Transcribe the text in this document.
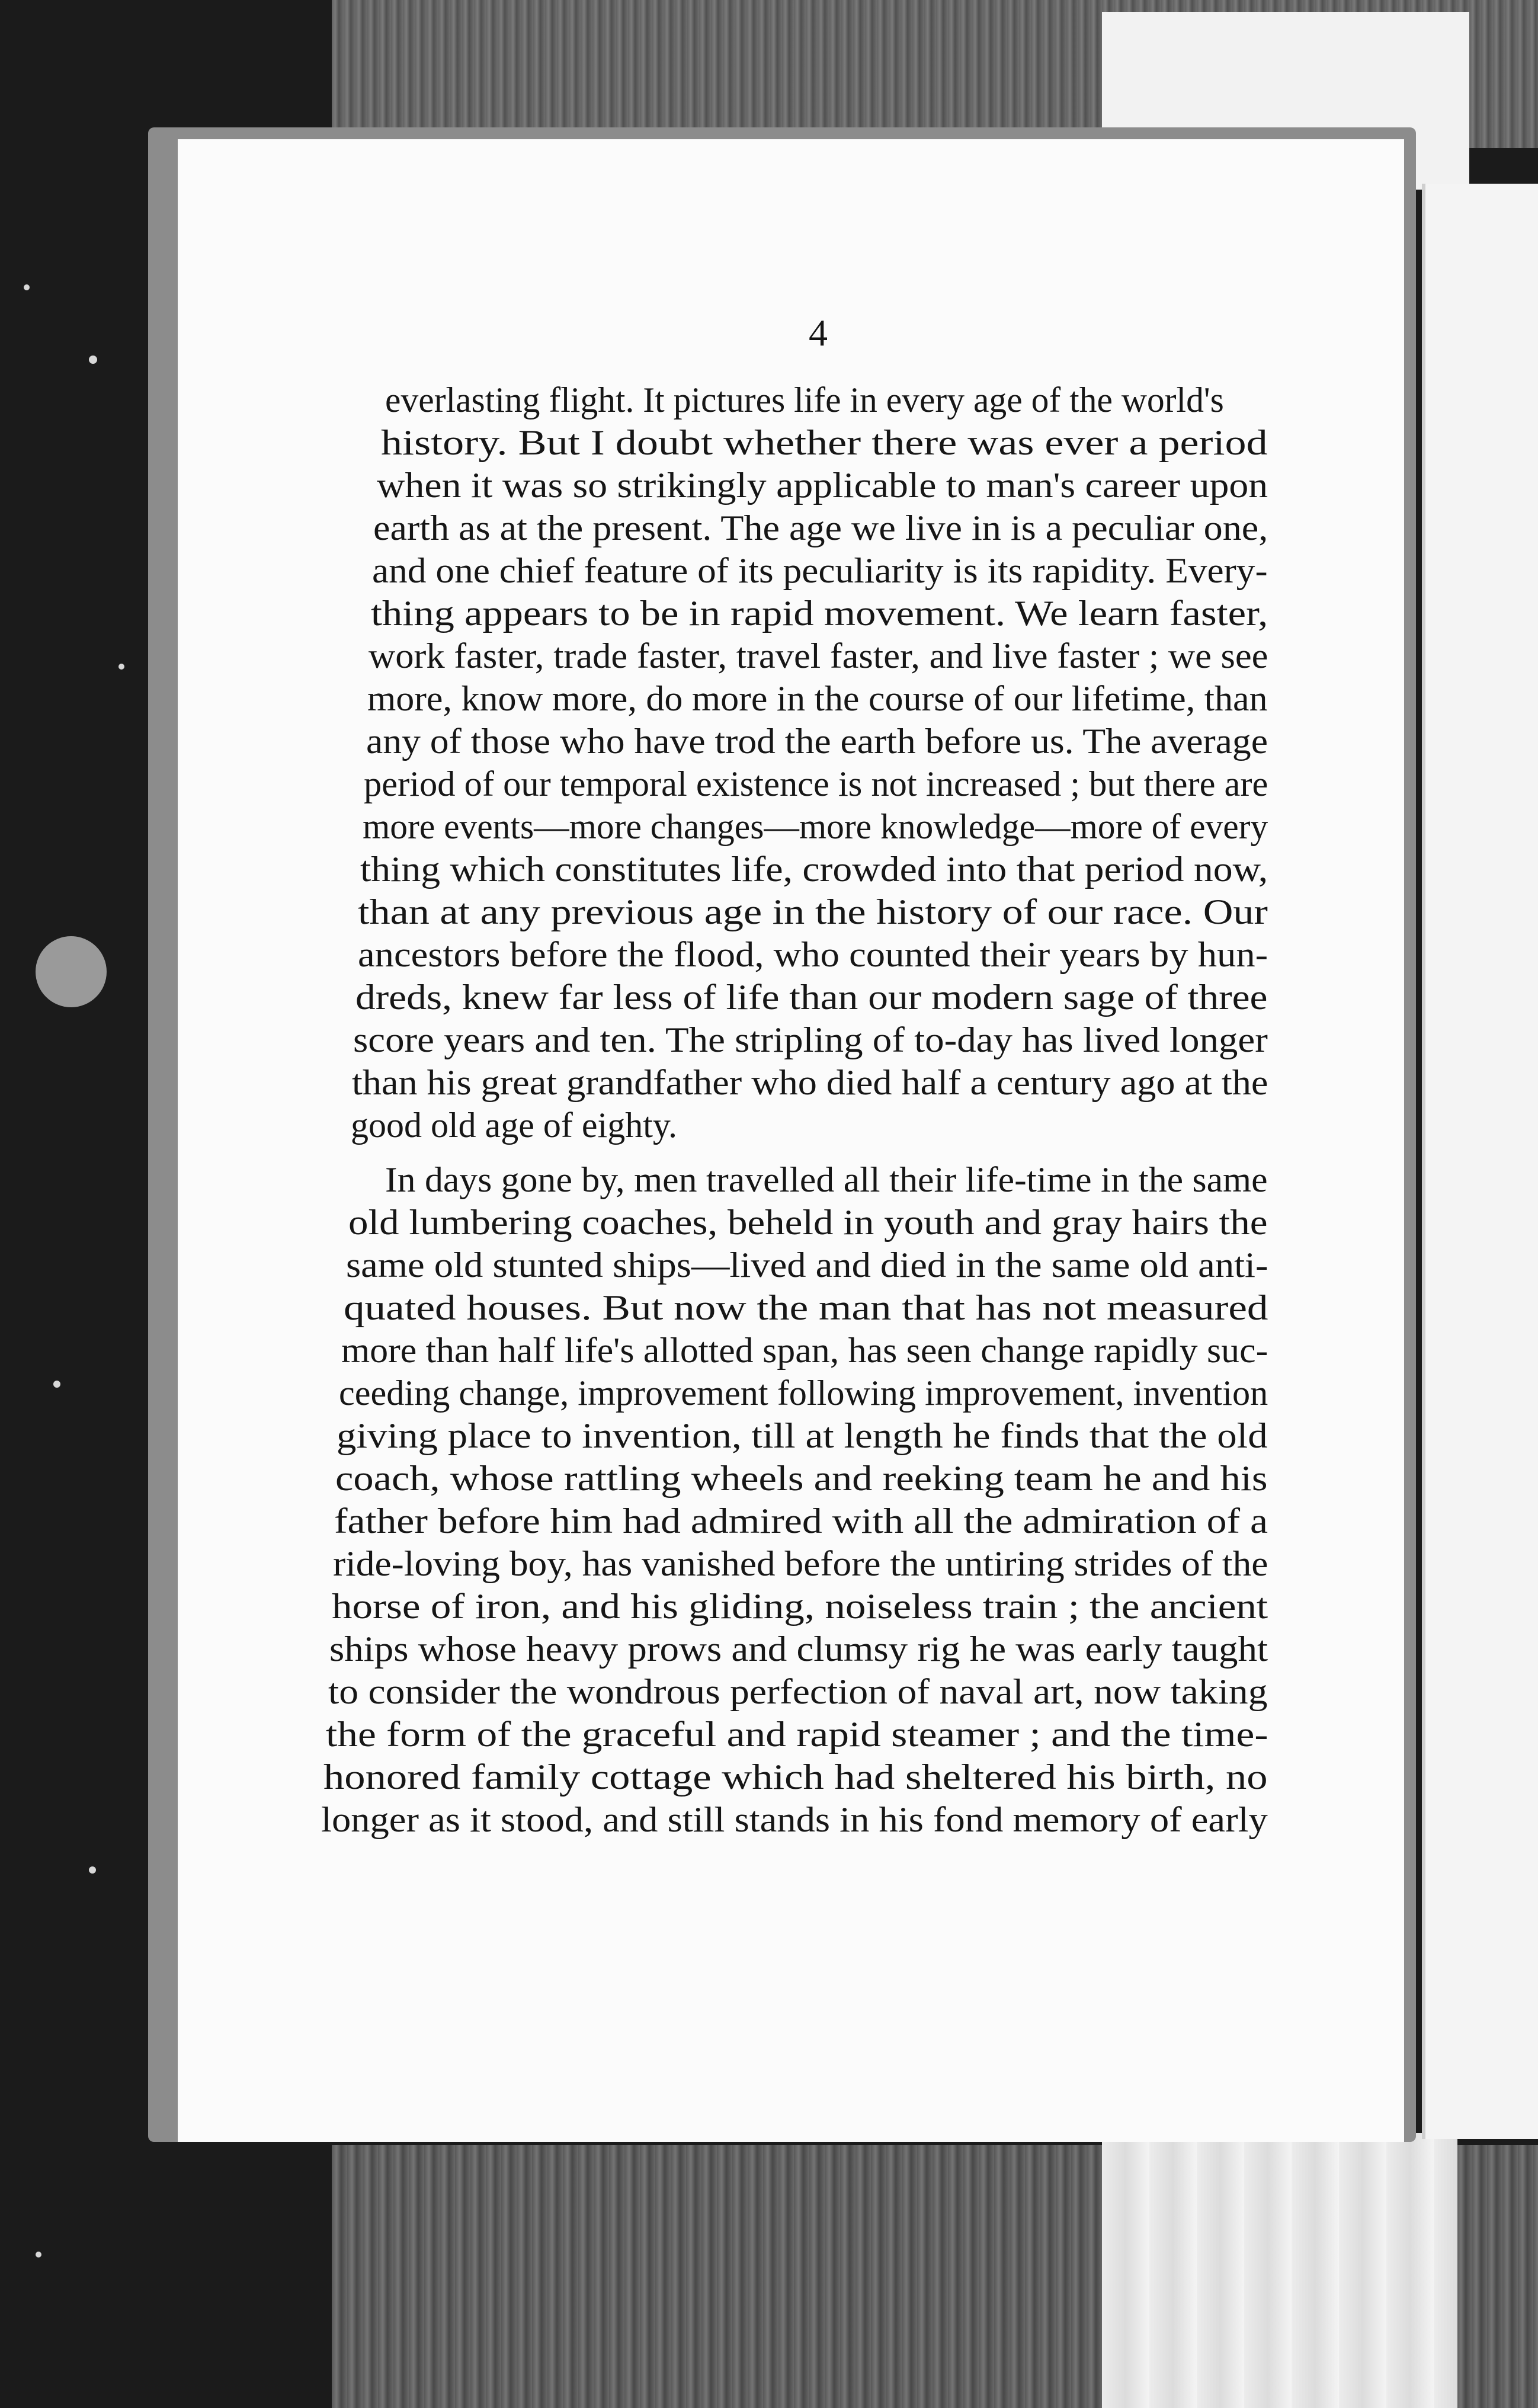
4
everlasting flight. It pictures life in every age of the world's
history. But I doubt whether there was ever a period
when it was so strikingly applicable to man's career upon
earth as at the present. The age we live in is a peculiar one,
and one chief feature of its peculiarity is its rapidity. Every-
thing appears to be in rapid movement. We learn faster,
work faster, trade faster, travel faster, and live faster ; we see
more, know more, do more in the course of our lifetime, than
any of those who have trod the earth before us. The average
period of our temporal existence is not increased ; but there are
more events—more changes—more knowledge—more of every
thing which constitutes life, crowded into that period now,
than at any previous age in the history of our race. Our
ancestors before the flood, who counted their years by hun-
dreds, knew far less of life than our modern sage of three
score years and ten. The stripling of to-day has lived longer
than his great grandfather who died half a century ago at the
good old age of eighty.
In days gone by, men travelled all their life-time in the same
old lumbering coaches, beheld in youth and gray hairs the
same old stunted ships—lived and died in the same old anti-
quated houses. But now the man that has not measured
more than half life's allotted span, has seen change rapidly suc-
ceeding change, improvement following improvement, invention
giving place to invention, till at length he finds that the old
coach, whose rattling wheels and reeking team he and his
father before him had admired with all the admiration of a
ride-loving boy, has vanished before the untiring strides of the
horse of iron, and his gliding, noiseless train ; the ancient
ships whose heavy prows and clumsy rig he was early taught
to consider the wondrous perfection of naval art, now taking
the form of the graceful and rapid steamer ; and the time-
honored family cottage which had sheltered his birth, no
longer as it stood, and still stands in his fond memory of early
